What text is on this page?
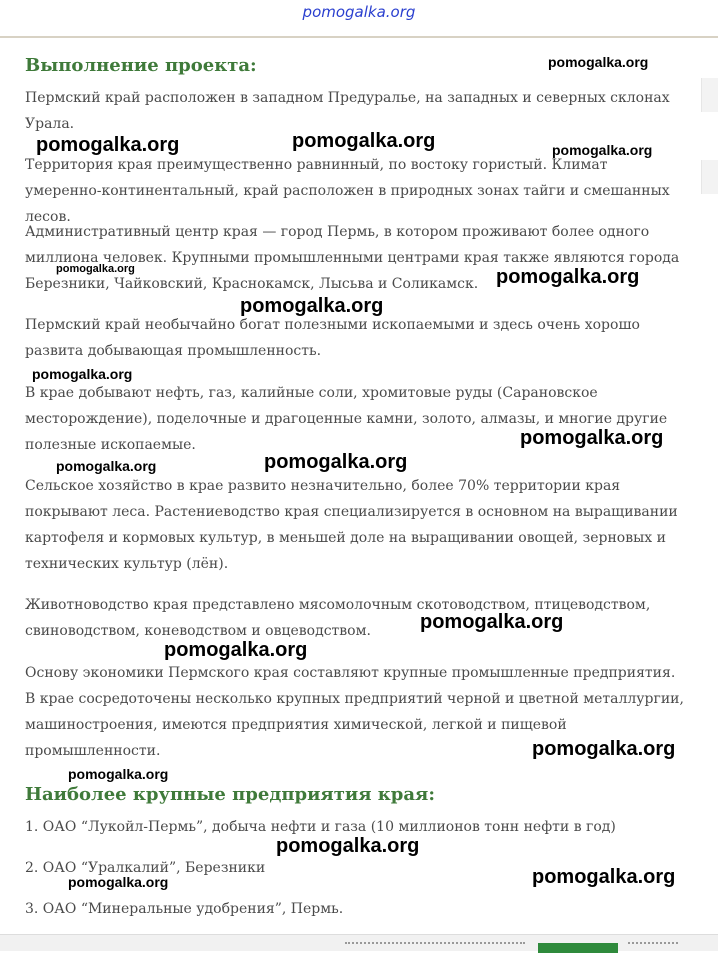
pomogalka.org
Выполнение проекта:

Пермский край расположен в западном Предуралье, на западных и северных склонах Урала.

Территория края преимущественно равнинный, по востоку гористый. Климат умеренно-континентальный, край расположен в природных зонах тайги и смешанных лесов.

Административный центр края — город Пермь, в котором проживают более одного миллиона человек. Крупными промышленными центрами края также являются города Березники, Чайковский, Краснокамск, Лысьва и Соликамск.

Пермский край необычайно богат полезными ископаемыми и здесь очень хорошо развита добывающая промышленность.

В крае добывают нефть, газ, калийные соли, хромитовые руды (Сарановское месторождение), поделочные и драгоценные камни, золото, алмазы, и многие другие полезные ископаемые.

Сельское хозяйство в крае развито незначительно, более 70% территории края покрывают леса. Растениеводство края специализируется в основном на выращивании картофеля и кормовых культур, в меньшей доле на выращивании овощей, зерновых и технических культур (лён).

Животноводство края представлено мясомолочным скотоводством, птицеводством, свиноводством, коневодством и овцеводством.

Основу экономики Пермского края составляют крупные промышленные предприятия. В крае сосредоточены несколько крупных предприятий черной и цветной металлургии, машиностроения, имеются предприятия химической, легкой и пищевой промышленности.

Наиболее крупные предприятия края:

1. ОАО “Лукойл-Пермь”, добыча нефти и газа (10 миллионов тонн нефти в год)

2. ОАО “Уралкалий”, Березники

3. ОАО “Минеральные удобрения”, Пермь.

pomogalka.org
pomogalka.org	pomogalka.org	pomogalka.org
pomogalka.org	pomogalka.org
pomogalka.org
pomogalka.org
pomogalka.org
pomogalka.org	pomogalka.org
pomogalka.org
pomogalka.org
pomogalka.org
pomogalka.org
pomogalka.org
pomogalka.org	pomogalka.org
